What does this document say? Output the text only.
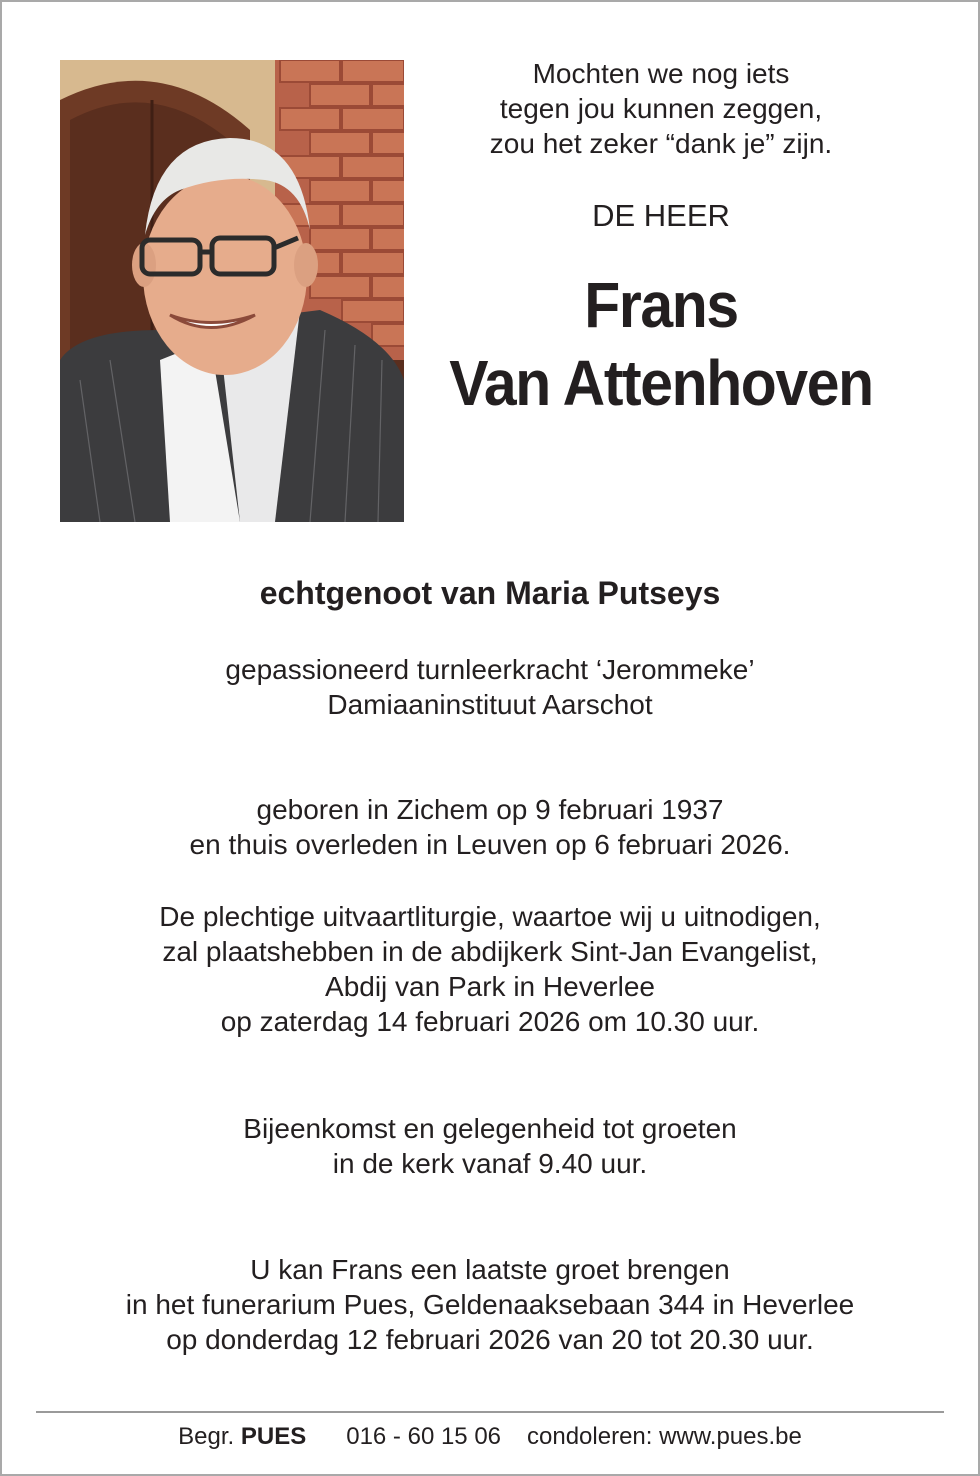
Mochten we nog iets
tegen jou kunnen zeggen,
zou het zeker “dank je” zijn.
DE HEER
Frans
Van Attenhoven
echtgenoot van Maria Putseys
gepassioneerd turnleerkracht ‘Jerommeke’
Damiaaninstituut Aarschot
geboren in Zichem op 9 februari 1937
en thuis overleden in Leuven op 6 februari 2026.
De plechtige uitvaartliturgie, waartoe wij u uitnodigen,
zal plaatshebben in de abdijkerk Sint-Jan Evangelist,
Abdij van Park in Heverlee
op zaterdag 14 februari 2026 om 10.30 uur.
Bijeenkomst en gelegenheid tot groeten
in de kerk vanaf 9.40 uur.
U kan Frans een laatste groet brengen
in het funerarium Pues, Geldenaaksebaan 344 in Heverlee
op donderdag 12 februari 2026 van 20 tot 20.30 uur.
Begr. PUES 016 - 60 15 06 condoleren: www.pues.be
